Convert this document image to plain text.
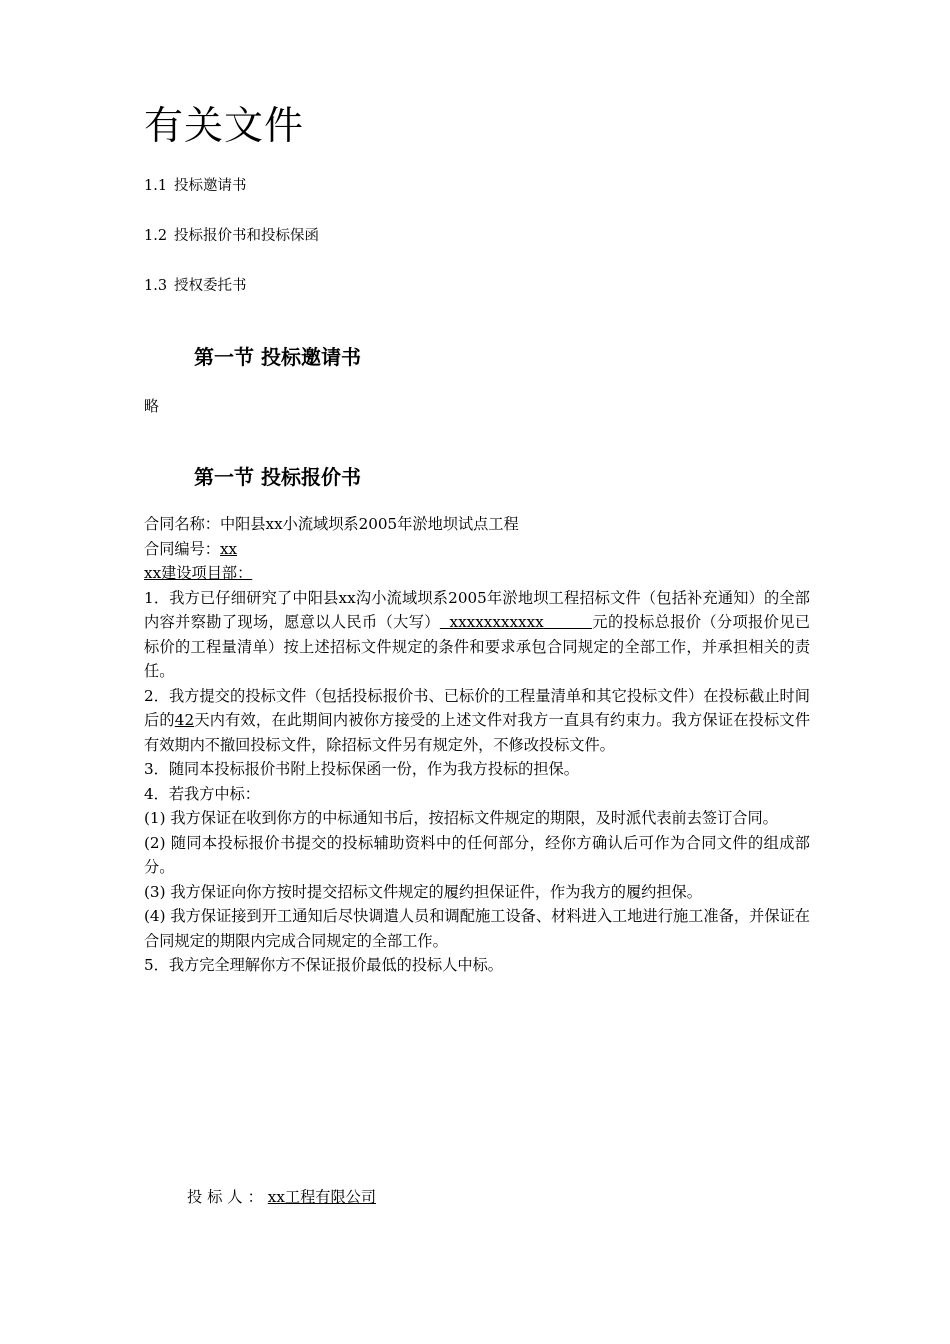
有关文件
1.1 投标邀请书
1.2 投标报价书和投标保函
1.3 授权委托书
第一节 投标邀请书
略
第一节 投标报价书

合同名称：中阳县xx小流域坝系2005年淤地坝试点工程

合同编号：xx

xx建设项目部：

1．我方已仔细研究了中阳县xx沟小流域坝系2005年淤地坝工程招标文件（包括补充通知）的全部内容并察勘了现场，愿意以人民币（大写） xxxxxxxxxxx	元的投标总报价（分项报价见已标价的工程量清单）按上述招标文件规定的条件和要求承包合同规定的全部工作，并承担相关的责任。

2．我方提交的投标文件（包括投标报价书、已标价的工程量清单和其它投标文件）在投标截止时间后的42天内有效，在此期间内被你方接受的上述文件对我方一直具有约束力。我方保证在投标文件有效期内不撤回投标文件，除招标文件另有规定外，不修改投标文件。

3．随同本投标报价书附上投标保函一份，作为我方投标的担保。

4．若我方中标：

(1) 我方保证在收到你方的中标通知书后，按招标文件规定的期限，及时派代表前去签订合同。

(2) 随同本投标报价书提交的投标辅助资料中的任何部分，经你方确认后可作为合同文件的组成部分。

(3) 我方保证向你方按时提交招标文件规定的履约担保证件，作为我方的履约担保。

(4) 我方保证接到开工通知后尽快调遣人员和调配施工设备、材料进入工地进行施工准备，并保证在合同规定的期限内完成合同规定的全部工作。

5．我方完全理解你方不保证报价最低的投标人中标。

投标人：xx工程有限公司
